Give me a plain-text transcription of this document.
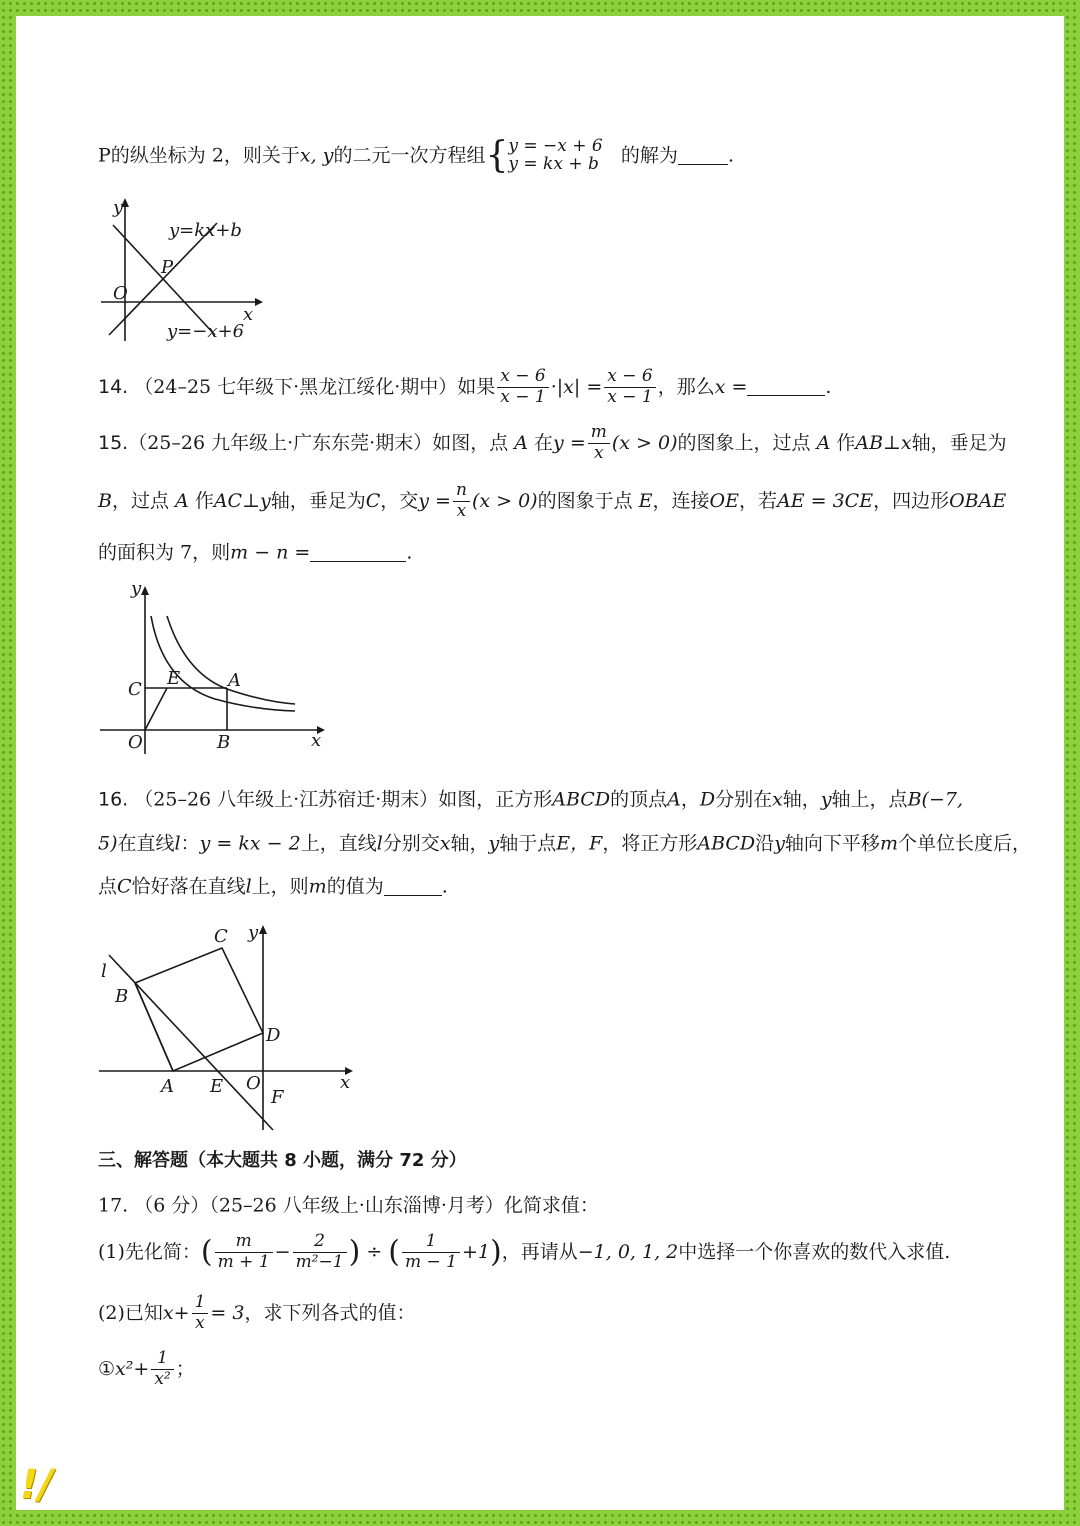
P的纵坐标为 2，则关于x, y的二元一次方程组{ y = −x + 6
y = kx + b 的解为	.
y
x
O
P
y=kx+b
y=−x+6
14. （24–25 七年级下·黑龙江绥化·期中）如果 $\frac{x - 6}{x - 1} \cdot|x| = \frac{x - 6}{x - 1}$ ，那么x =	.
15.（25–26 九年级上·广东东莞·期末）如图，点 A 在$y = \frac{m}{x} (x > 0)$的图象上，过点 A 作AB⊥x轴，垂足为
B，过点 A 作AC⊥y轴，垂足为C，交$y = \frac{n}{x} (x > 0)$的图象于点 E，连接OE，若AE = 3CE，四边形OBAE
的面积为 7，则m − n =	.
y
x
O
C
E	A
B
16. （25–26 八年级上·江苏宿迁·期末）如图，正方形ABCD的顶点A，D分别在x轴，y轴上，点B(−7,
5)在直线l：y = kx − 2上，直线l分别交x轴，y轴于点E，F，将正方形ABCD沿y轴向下平移m个单位长度后，
点C恰好落在直线l上，则m的值为	.
C y
l
B
D
A E O	x
F
三、解答题（本大题共 8 小题，满分 72 分）
17. （6 分）（25–26 八年级上·山东淄博·月考）化简求值：
(1)先化简：( $\frac{m}{m + 1} - \frac{2}{\text{m²−1}}$ ) ÷ ( $\frac{1}{m - 1} +1$)，再请从−1, 0, 1, 2中选择一个你喜欢的数代入求值.
(2)已知$x+ \frac{1}{x} = 3$，求下列各式的值：
①x²+ $\frac{1}{\text{x²}}$ ；
!/
